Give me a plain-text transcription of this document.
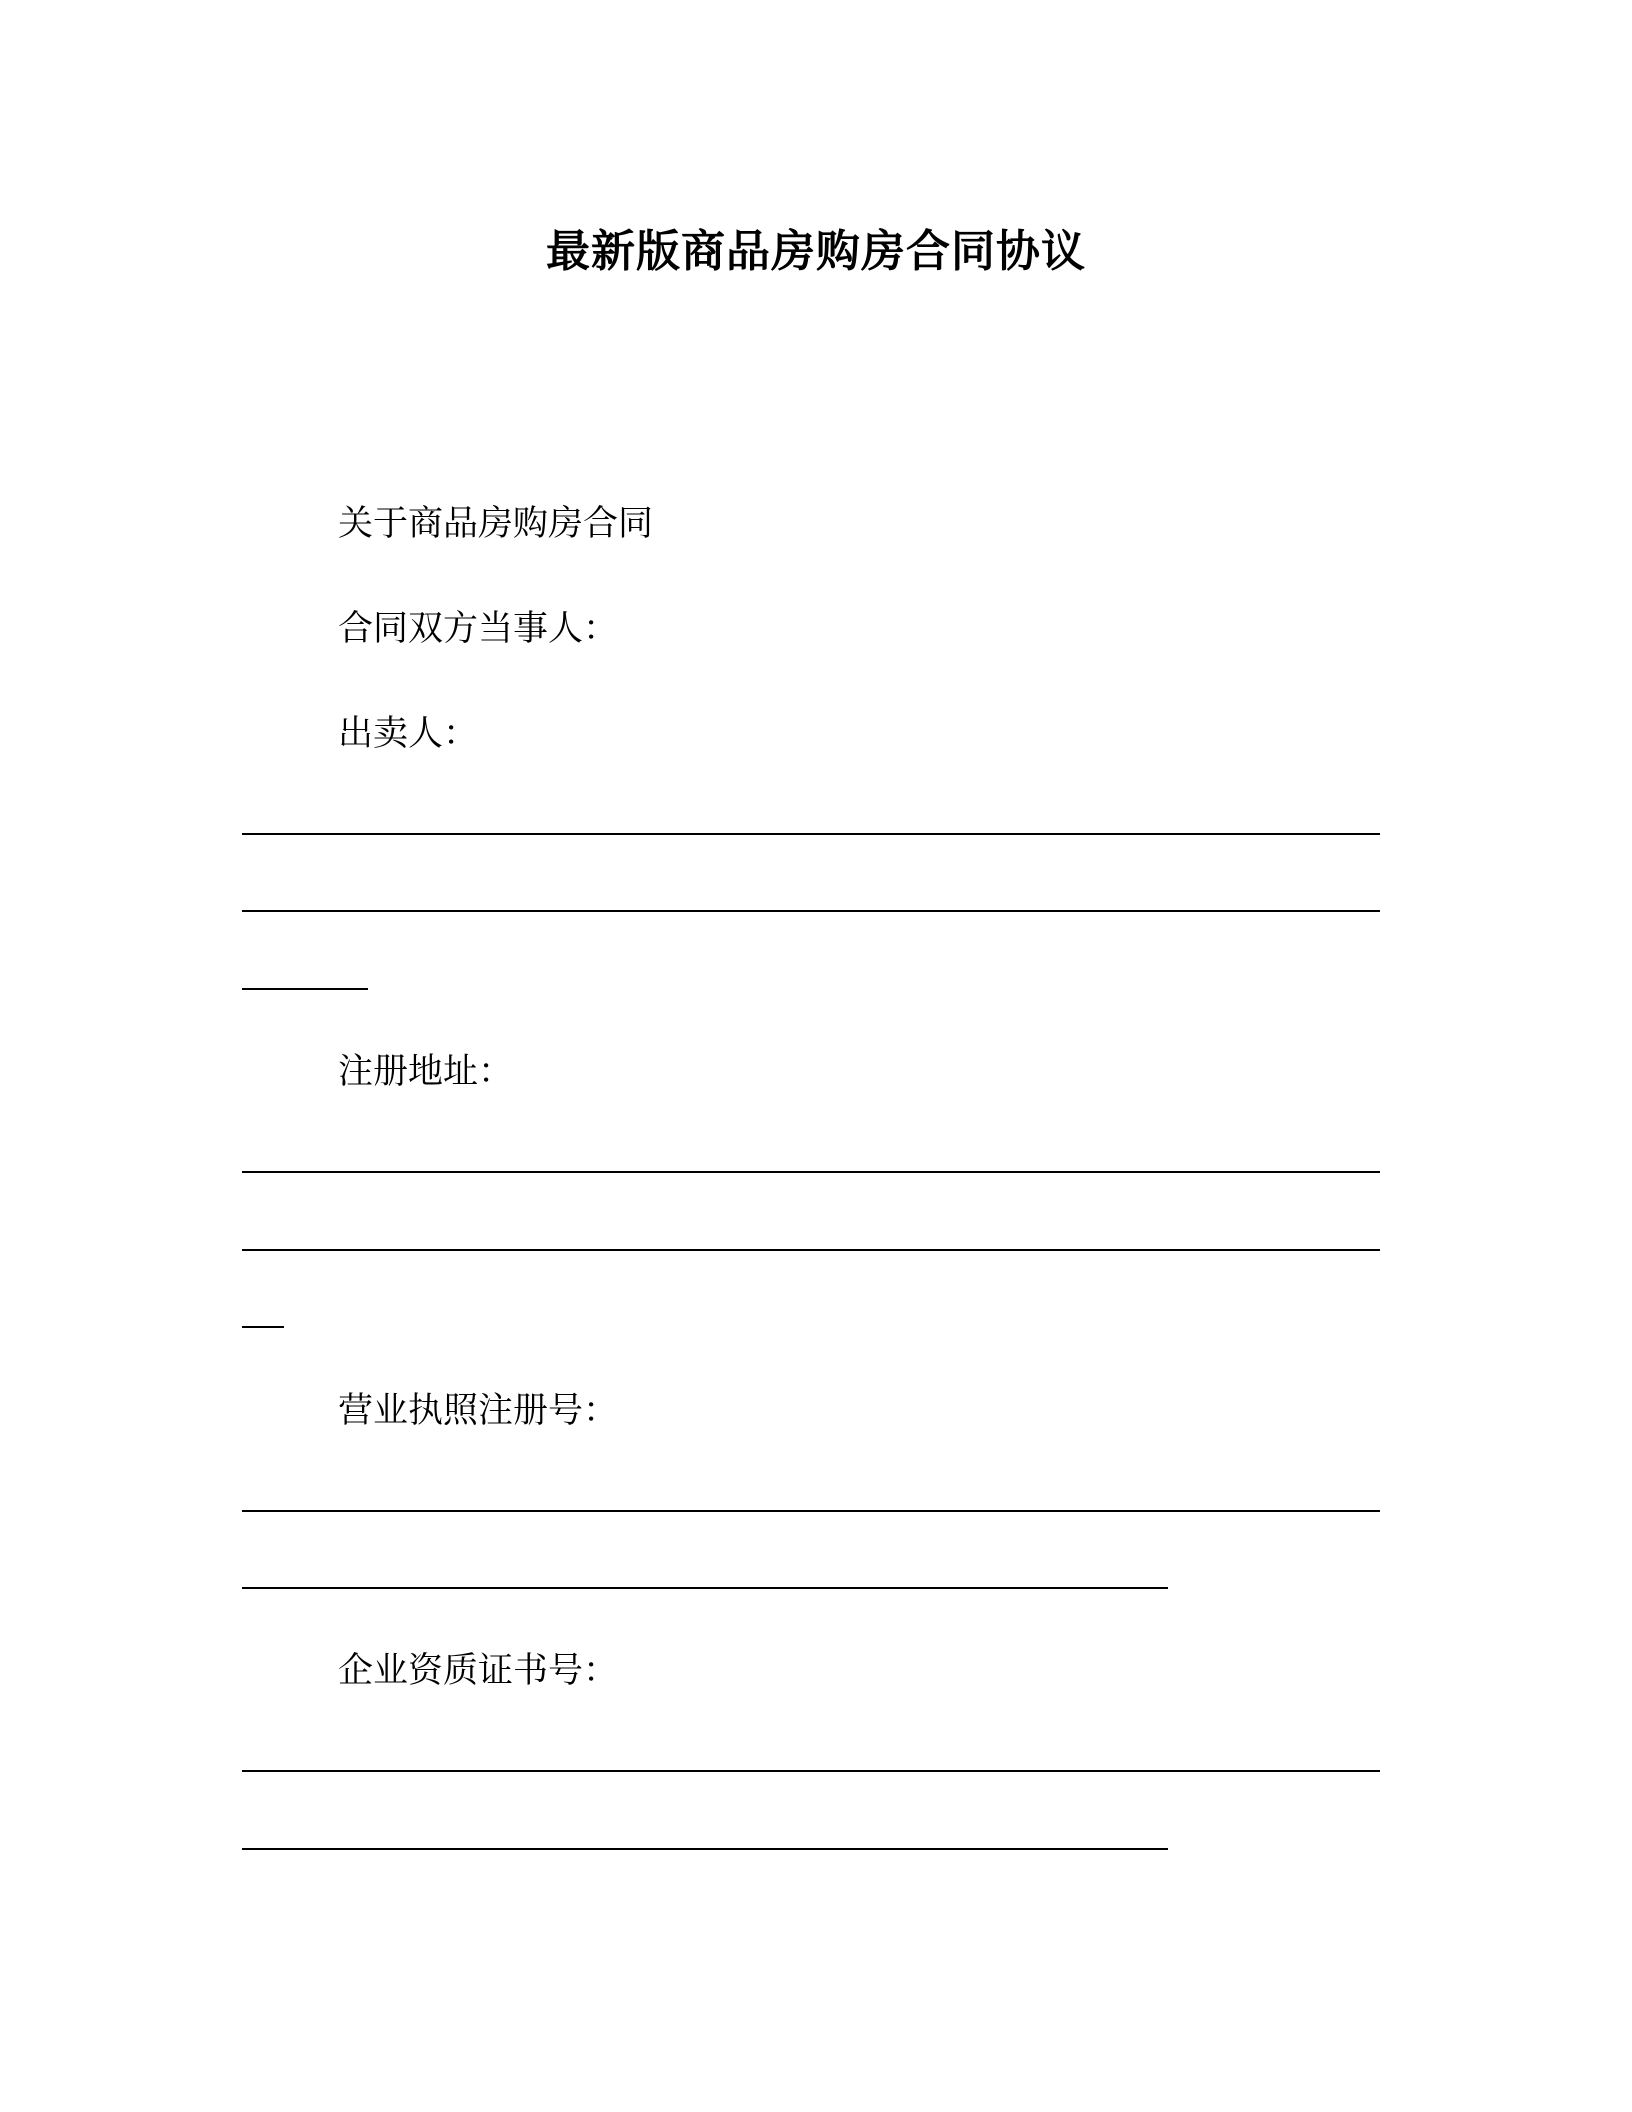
最新版商品房购房合同协议
关于商品房购房合同
合同双方当事人：
出卖人：
注册地址：
营业执照注册号：
企业资质证书号：
